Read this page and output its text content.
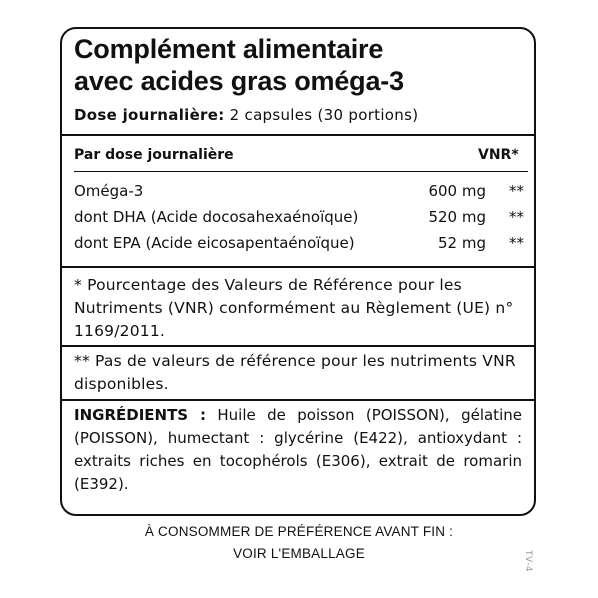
Complément alimentaire
avec acides gras oméga-3
Dose journalière: 2 capsules (30 portions)
Par dose journalière	VNR*
Oméga-3	600 mg **
dont DHA (Acide docosahexaénoïque)	520 mg **
dont EPA (Acide eicosapentaénoïque)	52 mg **
* Pourcentage des Valeurs de Référence pour les Nutriments (VNR) conformément au Règlement (UE) n° 1169/2011.
** Pas de valeurs de référence pour les nutriments VNR disponibles.
INGRÉDIENTS : Huile de poisson (POISSON), gélatine (POISSON), humectant : glycérine (E422), antioxydant : extraits riches en tocophérols (E306), extrait de romarin (E392).
À CONSOMMER DE PRÉFÉRENCE AVANT FIN :
VOIR L'EMBALLAGE	TV-4
